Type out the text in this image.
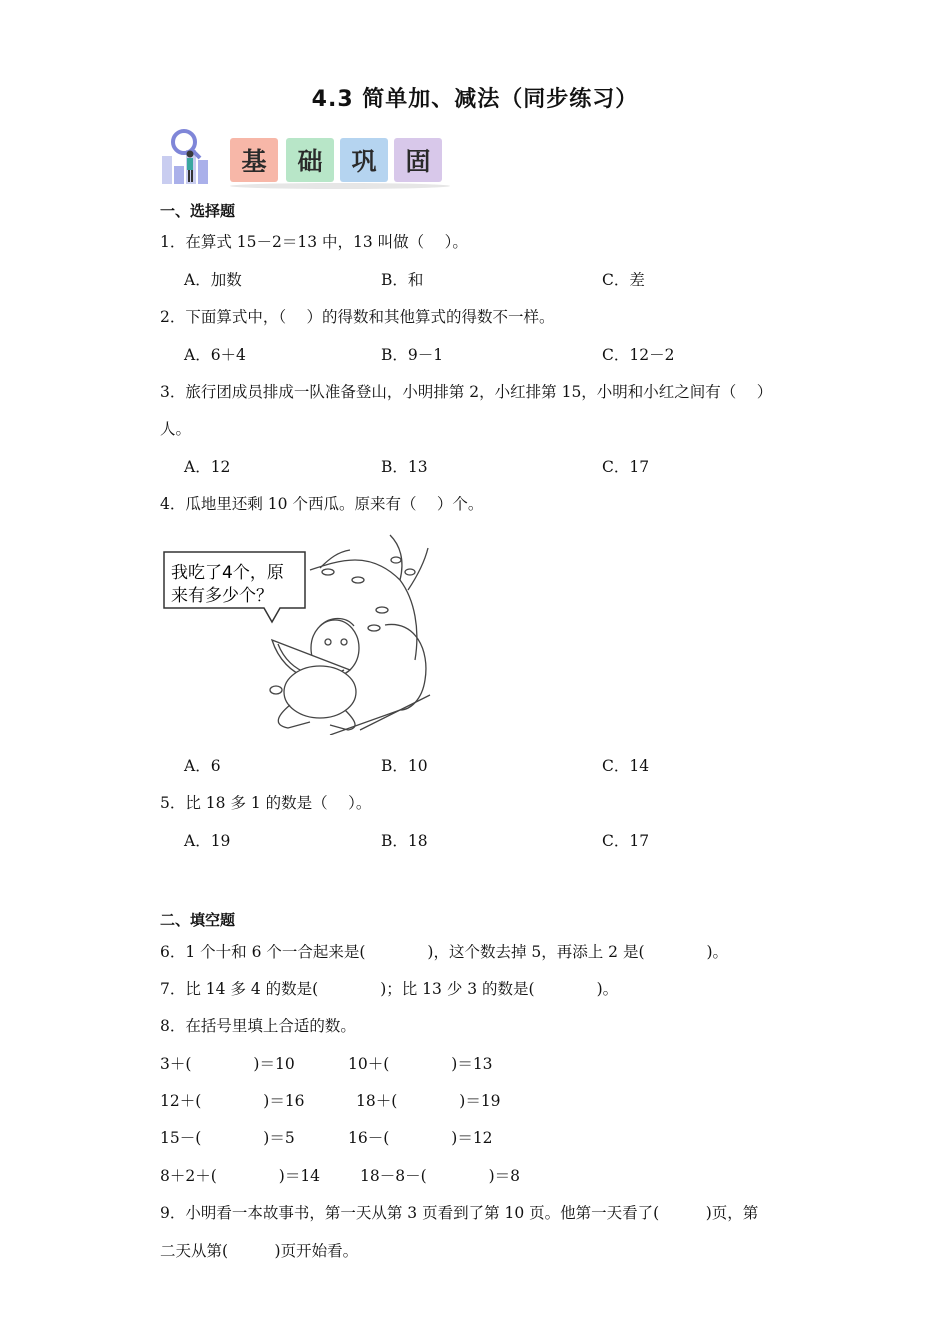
4.3 简单加、减法（同步练习）
基 础 巩 固
一、选择题
1．在算式 15－2＝13 中，13 叫做（　 ）。
A．加数	B．和	C．差
2．下面算式中，（　 ）的得数和其他算式的得数不一样。
A．6＋4	B．9－1	C．12－2
3．旅行团成员排成一队准备登山，小明排第 2，小红排第 15，小明和小红之间有（　 ）
人。
A．12	B．13	C．17
4．瓜地里还剩 10 个西瓜。原来有（　 ）个。
我吃了4个，原
来有多少个？
A．6	B．10	C．14
5．比 18 多 1 的数是（　 ）。
A．19	B．18	C．17
二、填空题
6．1 个十和 6 个一合起来是(　　　　)，这个数去掉 5，再添上 2 是(　　　　)。
7．比 14 多 4 的数是(　　　　)；比 13 少 3 的数是(　　　　)。
8．在括号里填上合适的数。
3＋(　　　　)＝10	10＋(　　　　)＝13
12＋(　　　　)＝16	18＋(　　　　)＝19
15－(　　　　)＝5	16－(　　　　)＝12
8＋2＋(　　　　)＝14	18－8－(　　　　)＝8
9．小明看一本故事书，第一天从第 3 页看到了第 10 页。他第一天看了(　　　)页，第
二天从第(　　　)页开始看。
